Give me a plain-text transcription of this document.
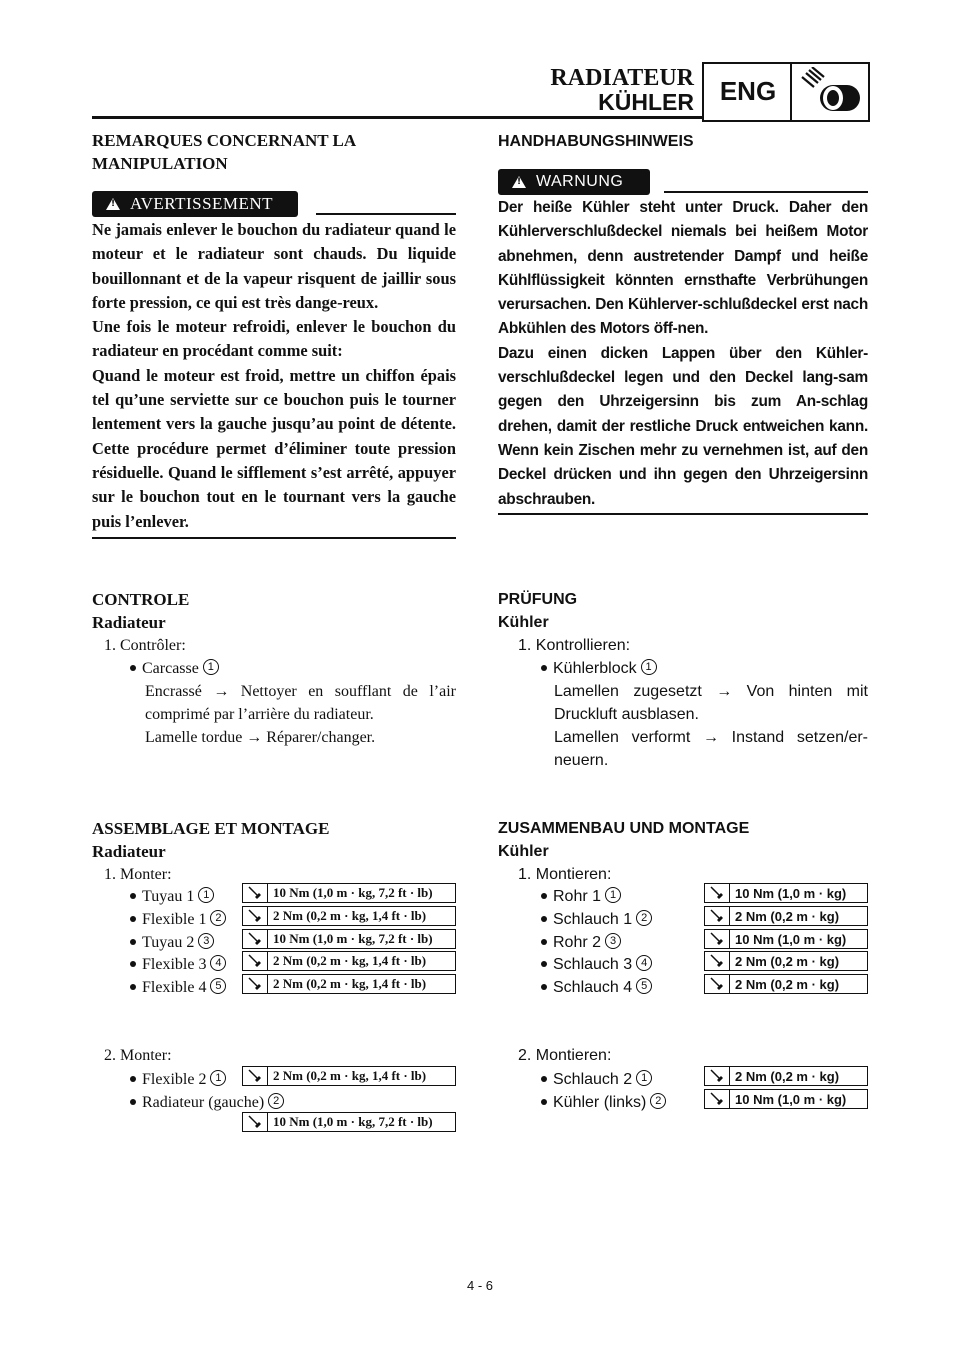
RADIATEUR
KÜHLER ENG
REMARQUES CONCERNANT LA
MANIPULATION
!
AVERTISSEMENT

Ne jamais enlever le bouchon du radiateur quand le moteur et le radiateur sont chauds. Du liquide bouillonnant et de la vapeur risquent de jaillir sous forte pression, ce qui est très dange-reux.

Une fois le moteur refroidi, enlever le bouchon du radiateur en procédant comme suit:

Quand le moteur est froid, mettre un chiffon épais tel qu’une serviette sur ce bouchon puis le tourner lentement vers la gauche jusqu’au point de détente. Cette procédure permet d’éliminer toute pression résiduelle. Quand le sifflement s’est arrêté, appuyer sur le bouchon tout en le tournant vers la gauche puis l’enlever.

HANDHABUNGSHINWEIS
!
WARNUNG

Der heiße Kühler steht unter Druck. Daher den Kühlerverschlußdeckel niemals bei heißem Motor abnehmen, denn austretender Dampf und heiße Kühlflüssigkeit könnten ernsthafte Verbrühungen verursachen. Den Kühlerver-schlußdeckel erst nach Abkühlen des Motors öff-nen.

Dazu einen dicken Lappen über den Kühler-verschlußdeckel legen und den Deckel lang-sam gegen den Uhrzeigersinn bis zum An-schlag drehen, damit der restliche Druck entweichen kann. Wenn kein Zischen mehr zu vernehmen ist, auf den Deckel drücken und ihn gegen den Uhrzeigersinn abschrauben.

CONTROLE
Radiateur
1. Contrôler:
Carcasse 1
Encrassé → Nettoyer en soufflant de l’air
comprimé par l’arrière du radiateur.
Lamelle tordue → Réparer/changer.
PRÜFUNG
Kühler
1. Kontrollieren:
Kühlerblock 1
Lamellen zugesetzt → Von hinten mit
Druckluft ausblasen.
Lamellen verformt → Instand setzen/er-
neuern.
ASSEMBLAGE ET MONTAGE
Radiateur
1. Monter:
Tuyau 1 1
Flexible 1 2
Tuyau 2 3
Flexible 3 4
Flexible 4 5
2. Monter:
Flexible 2 1
Radiateur (gauche) 2
10 Nm (1,0 m · kg, 7,2 ft · lb)
2 Nm (0,2 m · kg, 1,4 ft · lb)
10 Nm (1,0 m · kg, 7,2 ft · lb)
2 Nm (0,2 m · kg, 1,4 ft · lb)
2 Nm (0,2 m · kg, 1,4 ft · lb)
2 Nm (0,2 m · kg, 1,4 ft · lb)
10 Nm (1,0 m · kg, 7,2 ft · lb)
ZUSAMMENBAU UND MONTAGE
Kühler
1. Montieren:
Rohr 1 1
Schlauch 1 2
Rohr 2 3
Schlauch 3 4
Schlauch 4 5
2. Montieren:
Schlauch 2 1
Kühler (links) 2
10 Nm (1,0 m · kg)
2 Nm (0,2 m · kg)
10 Nm (1,0 m · kg)
2 Nm (0,2 m · kg)
2 Nm (0,2 m · kg)
2 Nm (0,2 m · kg)
10 Nm (1,0 m · kg)
4 - 6
